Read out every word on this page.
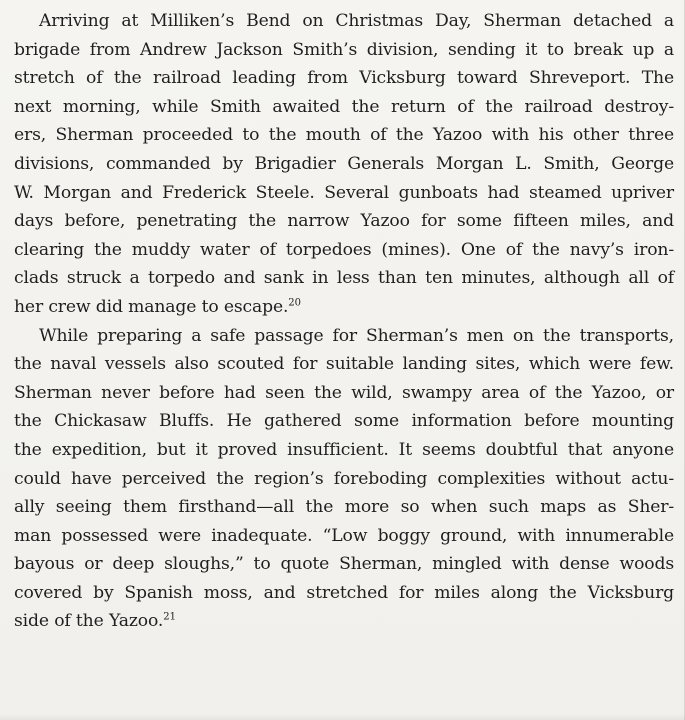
Arriving at Milliken’s Bend on Christmas Day, Sherman detached a
brigade from Andrew Jackson Smith’s division, sending it to break up a
stretch of the railroad leading from Vicksburg toward Shreveport. The
next morning, while Smith awaited the return of the railroad destroy-
ers, Sherman proceeded to the mouth of the Yazoo with his other three
divisions, commanded by Brigadier Generals Morgan L. Smith, George
W. Morgan and Frederick Steele. Several gunboats had steamed upriver
days before, penetrating the narrow Yazoo for some fifteen miles, and
clearing the muddy water of torpedoes (mines). One of the navy’s iron-
clads struck a torpedo and sank in less than ten minutes, although all of
her crew did manage to escape.$^{20}$
While preparing a safe passage for Sherman’s men on the transports,
the naval vessels also scouted for suitable landing sites, which were few.
Sherman never before had seen the wild, swampy area of the Yazoo, or
the Chickasaw Bluffs. He gathered some information before mounting
the expedition, but it proved insufficient. It seems doubtful that anyone
could have perceived the region’s foreboding complexities without actu-
ally seeing them firsthand—all the more so when such maps as Sher-
man possessed were inadequate. “Low boggy ground, with innumerable
bayous or deep sloughs,” to quote Sherman, mingled with dense woods
covered by Spanish moss, and stretched for miles along the Vicksburg
side of the Yazoo.$^{21}$
